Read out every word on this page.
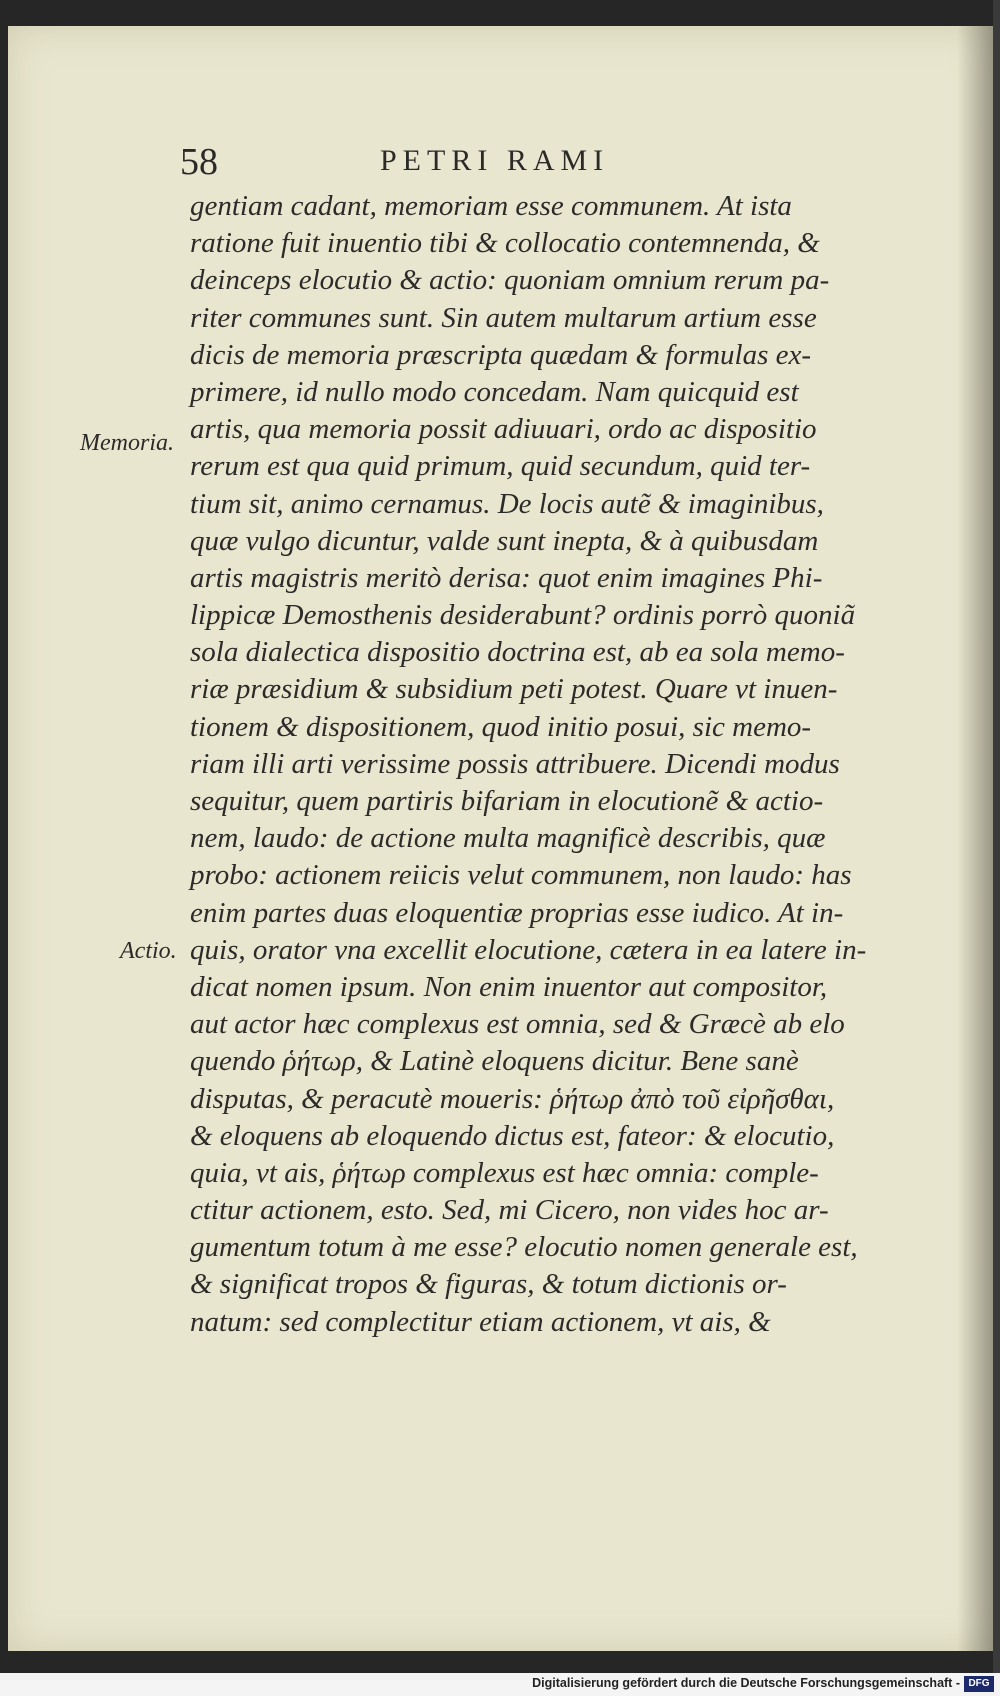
58	PETRI RAMI
Memoria.
Actio.
gentiam cadant, memoriam esse communem. At ista
ratione fuit inuentio tibi & collocatio contemnenda, &
deinceps elocutio & actio: quoniam omnium rerum pa-
riter communes sunt. Sin autem multarum artium esse
dicis de memoria præscripta quædam & formulas ex-
primere, id nullo modo concedam. Nam quicquid est
artis, qua memoria possit adiuuari, ordo ac dispositio
rerum est qua quid primum, quid secundum, quid ter-
tium sit, animo cernamus. De locis autẽ & imaginibus,
quæ vulgo dicuntur, valde sunt inepta, & à quibusdam
artis magistris meritò derisa: quot enim imagines Phi-
lippicæ Demosthenis desiderabunt? ordinis porrò quoniã
sola dialectica dispositio doctrina est, ab ea sola memo-
riæ præsidium & subsidium peti potest. Quare vt inuen-
tionem & dispositionem, quod initio posui, sic memo-
riam illi arti verissime possis attribuere. Dicendi modus
sequitur, quem partiris bifariam in elocutionẽ & actio-
nem, laudo: de actione multa magnificè describis, quæ
probo: actionem reiicis velut communem, non laudo: has
enim partes duas eloquentiæ proprias esse iudico. At in-
quis, orator vna excellit elocutione, cætera in ea latere in-
dicat nomen ipsum. Non enim inuentor aut compositor,
aut actor hæc complexus est omnia, sed & Græcè ab elo
quendo ῥήτωρ, & Latinè eloquens dicitur. Bene sanè
disputas, & peracutè moueris: ῥήτωρ ἀπὸ τοῦ εἰρῆσθαι,
& eloquens ab eloquendo dictus est, fateor: & elocutio,
quia, vt ais, ῥήτωρ complexus est hæc omnia: comple-
ctitur actionem, esto. Sed, mi Cicero, non vides hoc ar-
gumentum totum à me esse? elocutio nomen generale est,
& significat tropos & figuras, & totum dictionis or-
natum: sed complectitur etiam actionem, vt ais, &
Digitalisierung gefördert durch die Deutsche Forschungsgemeinschaft - DFG
